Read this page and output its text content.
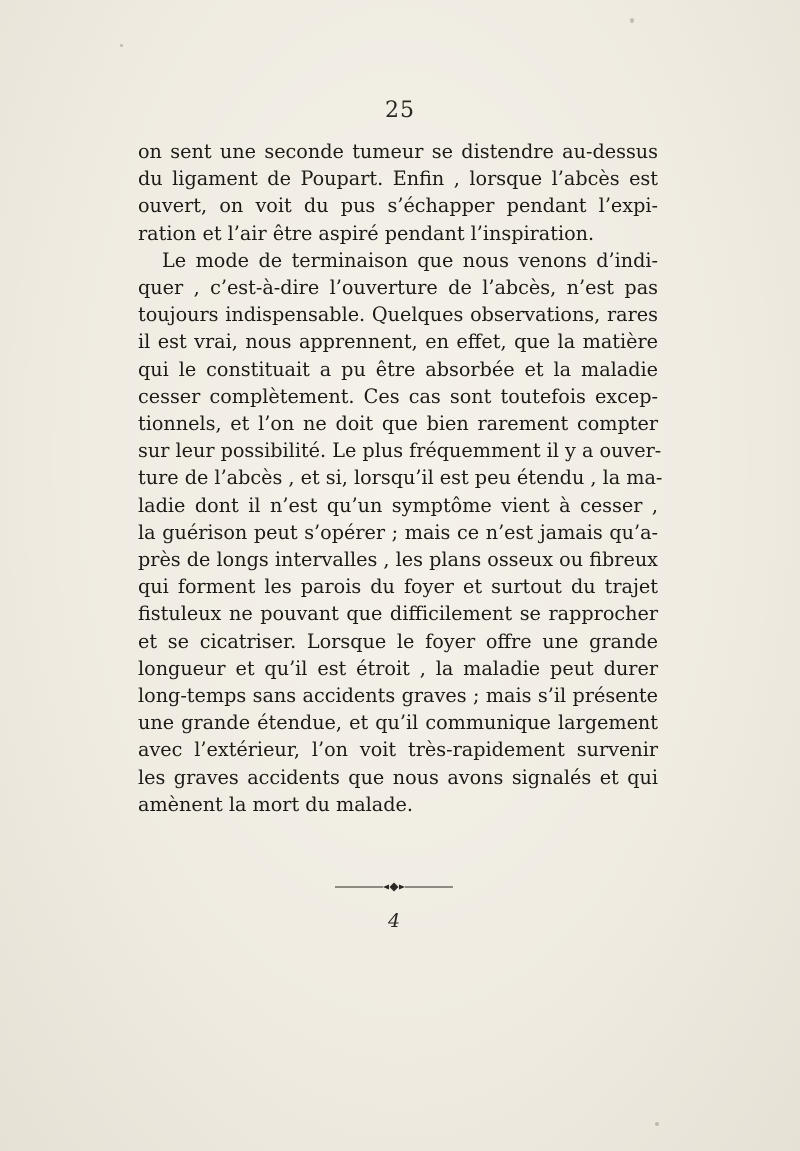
25

on sent une seconde tumeur se distendre au-dessus
du ligament de Poupart. Enfin , lorsque l’abcès est
ouvert, on voit du pus s’échapper pendant l’expi-
ration et l’air être aspiré pendant l’inspiration.

Le mode de terminaison que nous venons d’indi-
quer , c’est-à-dire l’ouverture de l’abcès, n’est pas
toujours indispensable. Quelques observations, rares
il est vrai, nous apprennent, en effet, que la matière
qui le constituait a pu être absorbée et la maladie
cesser complètement. Ces cas sont toutefois excep-
tionnels, et l’on ne doit que bien rarement compter
sur leur possibilité. Le plus fréquemment il y a ouver-
ture de l’abcès , et si, lorsqu’il est peu étendu , la ma-
ladie dont il n’est qu’un symptôme vient à cesser ,
la guérison peut s’opérer ; mais ce n’est jamais qu’a-
près de longs intervalles , les plans osseux ou fibreux
qui forment les parois du foyer et surtout du trajet
fistuleux ne pouvant que difficilement se rapprocher
et se cicatriser. Lorsque le foyer offre une grande
longueur et qu’il est étroit , la maladie peut durer
long-temps sans accidents graves ; mais s’il présente
une grande étendue, et qu’il communique largement
avec l’extérieur, l’on voit très-rapidement survenir
les graves accidents que nous avons signalés et qui
amènent la mort du malade.

4
